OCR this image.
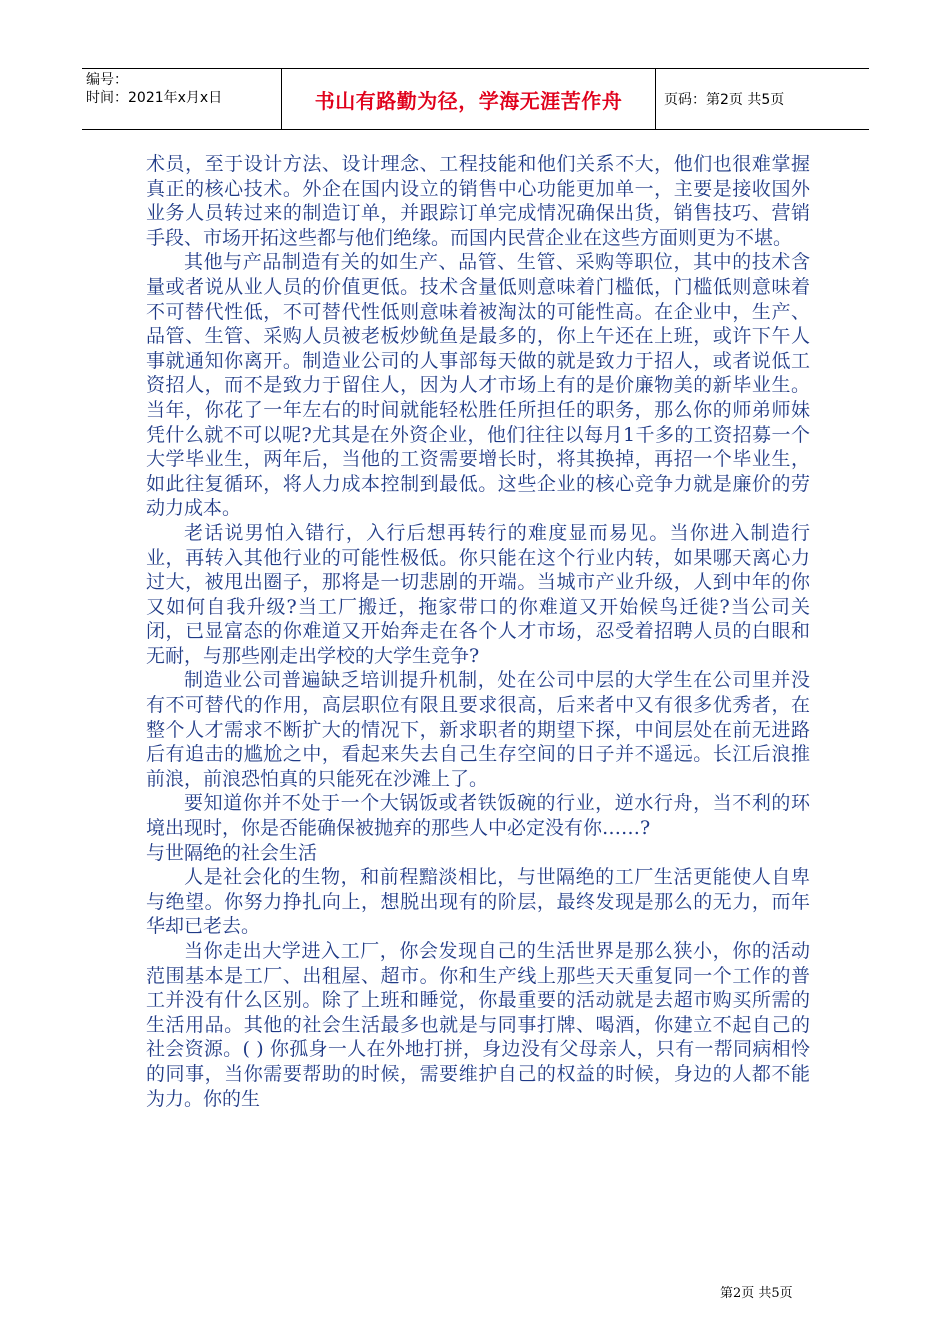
编号：
时间：2021年x月x日	书山有路勤为径，学海无涯苦作舟	页码：第2页 共5页

术员，至于设计方法、设计理念、工程技能和他们关系不大，他们也很难掌握真正的核心技术。外企在国内设立的销售中心功能更加单一，主要是接收国外业务人员转过来的制造订单，并跟踪订单完成情况确保出货，销售技巧、营销手段、市场开拓这些都与他们绝缘。而国内民营企业在这些方面则更为不堪。

其他与产品制造有关的如生产、品管、生管、采购等职位，其中的技术含量或者说从业人员的价值更低。技术含量低则意味着门槛低，门槛低则意味着不可替代性低，不可替代性低则意味着被淘汰的可能性高。在企业中，生产、品管、生管、采购人员被老板炒鱿鱼是最多的，你上午还在上班，或许下午人事就通知你离开。制造业公司的人事部每天做的就是致力于招人，或者说低工资招人，而不是致力于留住人，因为人才市场上有的是价廉物美的新毕业生。当年，你花了一年左右的时间就能轻松胜任所担任的职务，那么你的师弟师妹凭什么就不可以呢?尤其是在外资企业，他们往往以每月1千多的工资招募一个大学毕业生，两年后，当他的工资需要增长时，将其换掉，再招一个毕业生，如此往复循环，将人力成本控制到最低。这些企业的核心竞争力就是廉价的劳动力成本。

老话说男怕入错行，入行后想再转行的难度显而易见。当你进入制造行业，再转入其他行业的可能性极低。你只能在这个行业内转，如果哪天离心力过大，被甩出圈子，那将是一切悲剧的开端。当城市产业升级，人到中年的你又如何自我升级?当工厂搬迁，拖家带口的你难道又开始候鸟迁徙?当公司关闭，已显富态的你难道又开始奔走在各个人才市场，忍受着招聘人员的白眼和无耐，与那些刚走出学校的大学生竞争?

制造业公司普遍缺乏培训提升机制，处在公司中层的大学生在公司里并没有不可替代的作用，高层职位有限且要求很高，后来者中又有很多优秀者，在整个人才需求不断扩大的情况下，新求职者的期望下探，中间层处在前无进路后有追击的尴尬之中，看起来失去自己生存空间的日子并不遥远。长江后浪推前浪，前浪恐怕真的只能死在沙滩上了。

要知道你并不处于一个大锅饭或者铁饭碗的行业，逆水行舟，当不利的环境出现时，你是否能确保被抛弃的那些人中必定没有你……?

与世隔绝的社会生活

人是社会化的生物，和前程黯淡相比，与世隔绝的工厂生活更能使人自卑与绝望。你努力挣扎向上，想脱出现有的阶层，最终发现是那么的无力，而年华却已老去。

当你走出大学进入工厂，你会发现自己的生活世界是那么狭小，你的活动范围基本是工厂、出租屋、超市。你和生产线上那些天天重复同一个工作的普工并没有什么区别。除了上班和睡觉，你最重要的活动就是去超市购买所需的生活用品。其他的社会生活最多也就是与同事打牌、喝酒，你建立不起自己的社会资源。( ) 你孤身一人在外地打拼，身边没有父母亲人，只有一帮同病相怜的同事，当你需要帮助的时候，需要维护自己的权益的时候，身边的人都不能为力。你的生

第2页 共5页
